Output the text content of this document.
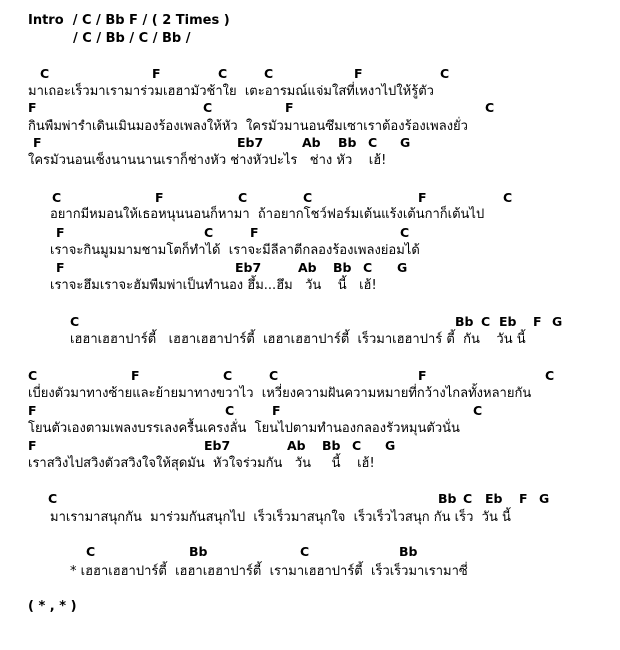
Intro  / C / Bb F / ( 2 Times )
/ C / Bb / C / Bb /
C	F	C	C	F	C
มาเถอะเร็วมาเรามาร่วมเฮฮามัวช้าใย  เตะอารมณ์แจ่มใสที่เหงาไปให้รู้ตัว
F	C	F	C
กินพืมพ่ารำเดินเมินมองร้องเพลงให้หัว  ใครมัวมานอนซึมเซาเราต้องร้องเพลงยั่ว
F	Eb7	Ab Bb C G
ใครมัวนอนเซ็งนานนานเราก็ช่างหัว ช่างหัวปะไร   ช่าง หัว    เฮ้!
C	F	C	C	F	C
อยากมีหมอนให้เธอหนุนนอนก็หามา  ถ้าอยากโชว์ฟอร์มเต้นแร้งเต้นกาก็เต้นไป
F	C	F	C
เราจะกินมูมมามชามโตก็ทำได้  เราจะมีลีลาตีกลองร้องเพลงย่อมได้
F	Eb7	Ab Bb C G
เราจะฮึมเราจะฮัมพืมพ่าเป็นทำนอง ฮึ้ม...ฮึม   วัน    นี้   เฮ้!
C	Bb C Eb F G
เฮฮาเฮฮาปาร์ตี้   เฮฮาเฮฮาปาร์ตี้  เฮฮาเฮฮาปาร์ตี้  เร็วมาเฮฮาปาร์ ตี้  กัน    วัน นี้
C	F	C	C	F	C
เบี่ยงตัวมาทางซ้ายและย้ายมาทางขวาไว  เหวี่ยงความฝันความหมายที่กว้างไกลทั้งหลายกัน
F	C	F	C
โยนตัวเองตามเพลงบรรเลงครื้นเครงลั่น  โยนไปตามทำนองกลองรัวหมุนตัวนั่น
F	Eb7	Ab Bb C G
เราสวิงไปสวิงตัวสวิงใจให้สุดมัน  หัวใจร่วมกัน   วัน     นี้    เฮ้!
C	Bb C Eb F G
มาเรามาสนุกกัน  มาร่วมกันสนุกไป  เร็วเร็วมาสนุกใจ  เร็วเร็วไวสนุก กัน เร็ว  วัน นี้
C	Bb	C	Bb
* เฮฮาเฮฮาปาร์ตี้  เฮฮาเฮฮาปาร์ตี้  เรามาเฮฮาปาร์ตี้  เร็วเร็วมาเรามาซี่
( * , * )
